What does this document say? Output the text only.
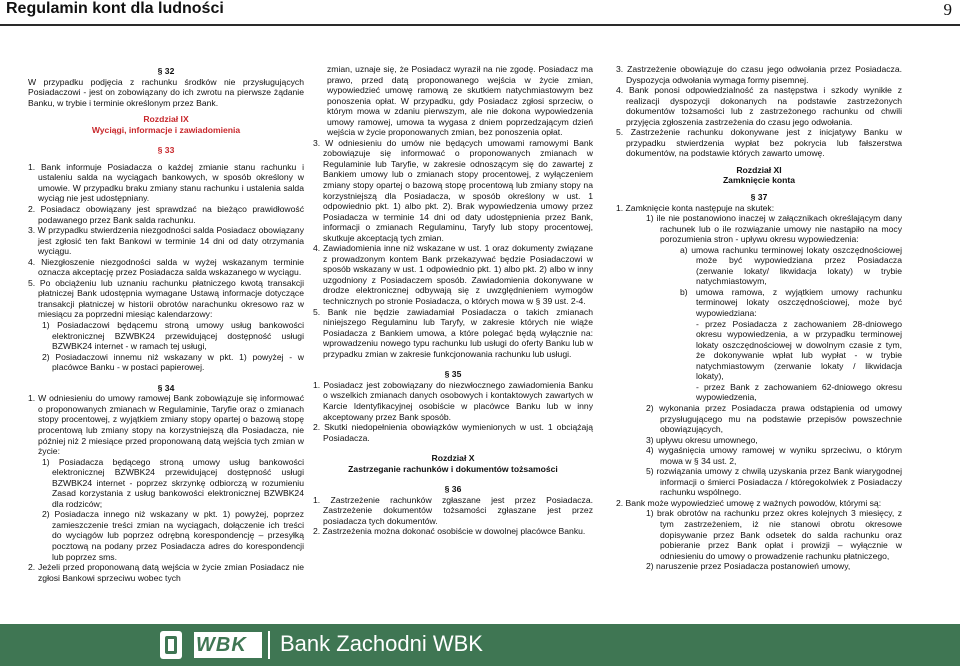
Regulamin kont dla ludności	9

§ 32

W przypadku podjęcia z rachunku środków nie przysługujących Posiadaczowi - jest on zobowiązany do ich zwrotu na pierwsze żądanie Banku, w trybie i terminie określonym przez Bank.

Rozdział IX

Wyciągi, informacje i zawiadomienia

§ 33

1. Bank informuje Posiadacza o każdej zmianie stanu rachunku i ustaleniu salda na wyciągach bankowych, w sposób określony w umowie. W przypadku braku zmiany stanu rachunku i ustalenia salda wyciąg nie jest udostępniany.

2. Posiadacz obowiązany jest sprawdzać na bieżąco prawidłowość podawanego przez Bank salda rachunku.

3. W przypadku stwierdzenia niezgodności salda Posiadacz obowiązany jest zgłosić ten fakt Bankowi w terminie 14 dni od daty otrzymania wyciągu.

4. Niezgłoszenie niezgodności salda w wyżej wskazanym terminie oznacza akceptację przez Posiadacza salda wskazanego w wyciągu.

5. Po obciążeniu lub uznaniu rachunku płatniczego kwotą transakcji płatniczej Bank udostępnia wymagane Ustawą informacje dotyczące transakcji płatniczej w historii obrotów narachunku okresowo raz w miesiącu za poprzedni miesiąc kalendarzowy:

1) Posiadaczowi będącemu stroną umowy usług bankowości elektronicznej BZWBK24 przewidującej dostępność usługi BZWBK24 internet - w ramach tej usługi,

2) Posiadaczowi innemu niż wskazany w pkt. 1) powyżej - w placówce Banku - w postaci papierowej.

§ 34

1. W odniesieniu do umowy ramowej Bank zobowiązuje się informować o proponowanych zmianach w Regulaminie, Taryfie oraz o zmianach stopy procentowej, z wyjątkiem zmiany stopy opartej o bazową stopę procentową lub zmiany stopy na korzystniejszą dla Posiadacza, nie później niż 2 miesiące przed proponowaną datą wejścia tych zmian w życie:

1) Posiadacza będącego stroną umowy usług bankowości elektronicznej BZWBK24 przewidującej dostępność usługi BZWBK24 internet - poprzez skrzynkę odbiorczą w rozumieniu Zasad korzystania z usług bankowości elektronicznej BZWBK24 dla rodziców;

2) Posiadacza innego niż wskazany w pkt. 1) powyżej, poprzez zamieszczenie treści zmian na wyciągach, dołączenie ich treści do wyciągów lub poprzez odrębną korespondencję – przesyłką pocztową na podany przez Posiadacza adres do korespondencji lub poprzez sms.

2. Jeżeli przed proponowaną datą wejścia w życie zmian Posiadacz nie zgłosi Bankowi sprzeciwu wobec tych

zmian, uznaje się, że Posiadacz wyraził na nie zgodę. Posiadacz ma prawo, przed datą proponowanego wejścia w życie zmian, wypowiedzieć umowę ramową ze skutkiem natychmiastowym bez ponoszenia opłat. W przypadku, gdy Posiadacz zgłosi sprzeciw, o którym mowa w zdaniu pierwszym, ale nie dokona wypowiedzenia umowy ramowej, umowa ta wygasa z dniem poprzedzającym dzień wejścia w życie proponowanych zmian, bez ponoszenia opłat.

3. W odniesieniu do umów nie będących umowami ramowymi Bank zobowiązuje się informować o proponowanych zmianach w Regulaminie lub Taryfie, w zakresie odnoszącym się do zawartej z Bankiem umowy lub o zmianach stopy procentowej, z wyłączeniem zmiany stopy opartej o bazową stopę procentową lub zmiany stopy na korzystniejszą dla Posiadacza, w sposób określony w ust. 1 odpowiednio pkt. 1) albo pkt. 2). Brak wypowiedzenia umowy przez Posiadacza w terminie 14 dni od daty udostępnienia przez Bank, informacji o zmianach Regulaminu, Taryfy lub stopy procentowej, skutkuje akceptacją tych zmian.

4. Zawiadomienia inne niż wskazane w ust. 1 oraz dokumenty związane z prowadzonym kontem Bank przekazywać będzie Posiadaczowi w sposób wskazany w ust. 1 odpowiednio pkt. 1) albo pkt. 2) albo w inny uzgodniony z Posiadaczem sposób. Zawiadomienia dokonywane w drodze elektronicznej odbywają się z uwzględnieniem wymogów technicznych po stronie Posiadacza, o których mowa w § 39 ust. 2-4.

5. Bank nie będzie zawiadamiał Posiadacza o takich zmianach niniejszego Regulaminu lub Taryfy, w zakresie których nie wiąże Posiadacza z Bankiem umowa, a które polegać będą wyłącznie na: wprowadzeniu nowego typu rachunku lub usługi do oferty Banku lub w przypadku zmian w zakresie funkcjonowania rachunku lub usługi.

§ 35

1. Posiadacz jest zobowiązany do niezwłocznego zawiadomienia Banku o wszelkich zmianach danych osobowych i kontaktowych zawartych w Karcie Identyfikacyjnej osobiście w placówce Banku lub w inny akceptowany przez Bank sposób.

2. Skutki niedopełnienia obowiązków wymienionych w ust. 1 obciążają Posiadacza.

Rozdział X

Zastrzeganie rachunków i dokumentów tożsamości

§ 36

1. Zastrzeżenie rachunków zgłaszane jest przez Posiadacza. Zastrzeżenie dokumentów tożsamości zgłaszane jest przez posiadacza tych dokumentów.

2. Zastrzeżenia można dokonać osobiście w dowolnej placówce Banku.

3. Zastrzeżenie obowiązuje do czasu jego odwołania przez Posiadacza. Dyspozycja odwołania wymaga formy pisemnej.

4. Bank ponosi odpowiedzialność za następstwa i szkody wynikłe z realizacji dyspozycji dokonanych na podstawie zastrzeżonych dokumentów tożsamości lub z zastrzeżonego rachunku od chwili przyjęcia zgłoszenia zastrzeżenia do czasu jego odwołania.

5. Zastrzeżenie rachunku dokonywane jest z inicjatywy Banku w przypadku stwierdzenia wypłat bez pokrycia lub fałszerstwa dokumentów, na podstawie których zawarto umowę.

Rozdział XI

Zamknięcie konta

§ 37

1. Zamknięcie konta następuje na skutek:

1) ile nie postanowiono inaczej w załącznikach określającym dany rachunek lub o ile rozwiązanie umowy nie nastąpiło na mocy porozumienia stron - upływu okresu wypowiedzenia:

a) umowa rachunku terminowej lokaty oszczędnościowej może być wypowiedziana przez Posiadacza (zerwanie lokaty/ likwidacja lokaty) w trybie natychmiastowym,

b) umowa ramowa, z wyjątkiem umowy rachunku terminowej lokaty oszczędnościowej, może być wypowiedziana:

- przez Posiadacza z zachowaniem 28-dniowego okresu wypowiedzenia, a w przypadku terminowej lokaty oszczędnościowej w dowolnym czasie z tym, że dokonywanie wpłat lub wypłat - w trybie natychmiastowym (zerwanie lokaty / likwidacja lokaty),

- przez Bank z zachowaniem 62-dniowego okresu wypowiedzenia,

2) wykonania przez Posiadacza prawa odstąpienia od umowy przysługującego mu na podstawie przepisów powszechnie obowiązujących,

3) upływu okresu umownego,

4) wygaśnięcia umowy ramowej w wyniku sprzeciwu, o którym mowa w § 34 ust. 2,

5) rozwiązania umowy z chwilą uzyskania przez Bank wiarygodnej informacji o śmierci Posiadacza / któregokolwiek z Posiadaczy rachunku wspólnego.

2. Bank może wypowiedzieć umowę z ważnych powodów, którymi są:

1) brak obrotów na rachunku przez okres kolejnych 3 miesięcy, z tym zastrzeżeniem, iż nie stanowi obrotu okresowe dopisywanie przez Bank odsetek do salda rachunku oraz pobieranie przez Bank opłat i prowizji – wyłącznie w odniesieniu do umowy o prowadzenie rachunku płatniczego,

2) naruszenie przez Posiadacza postanowień umowy,

WBK Bank Zachodni WBK
